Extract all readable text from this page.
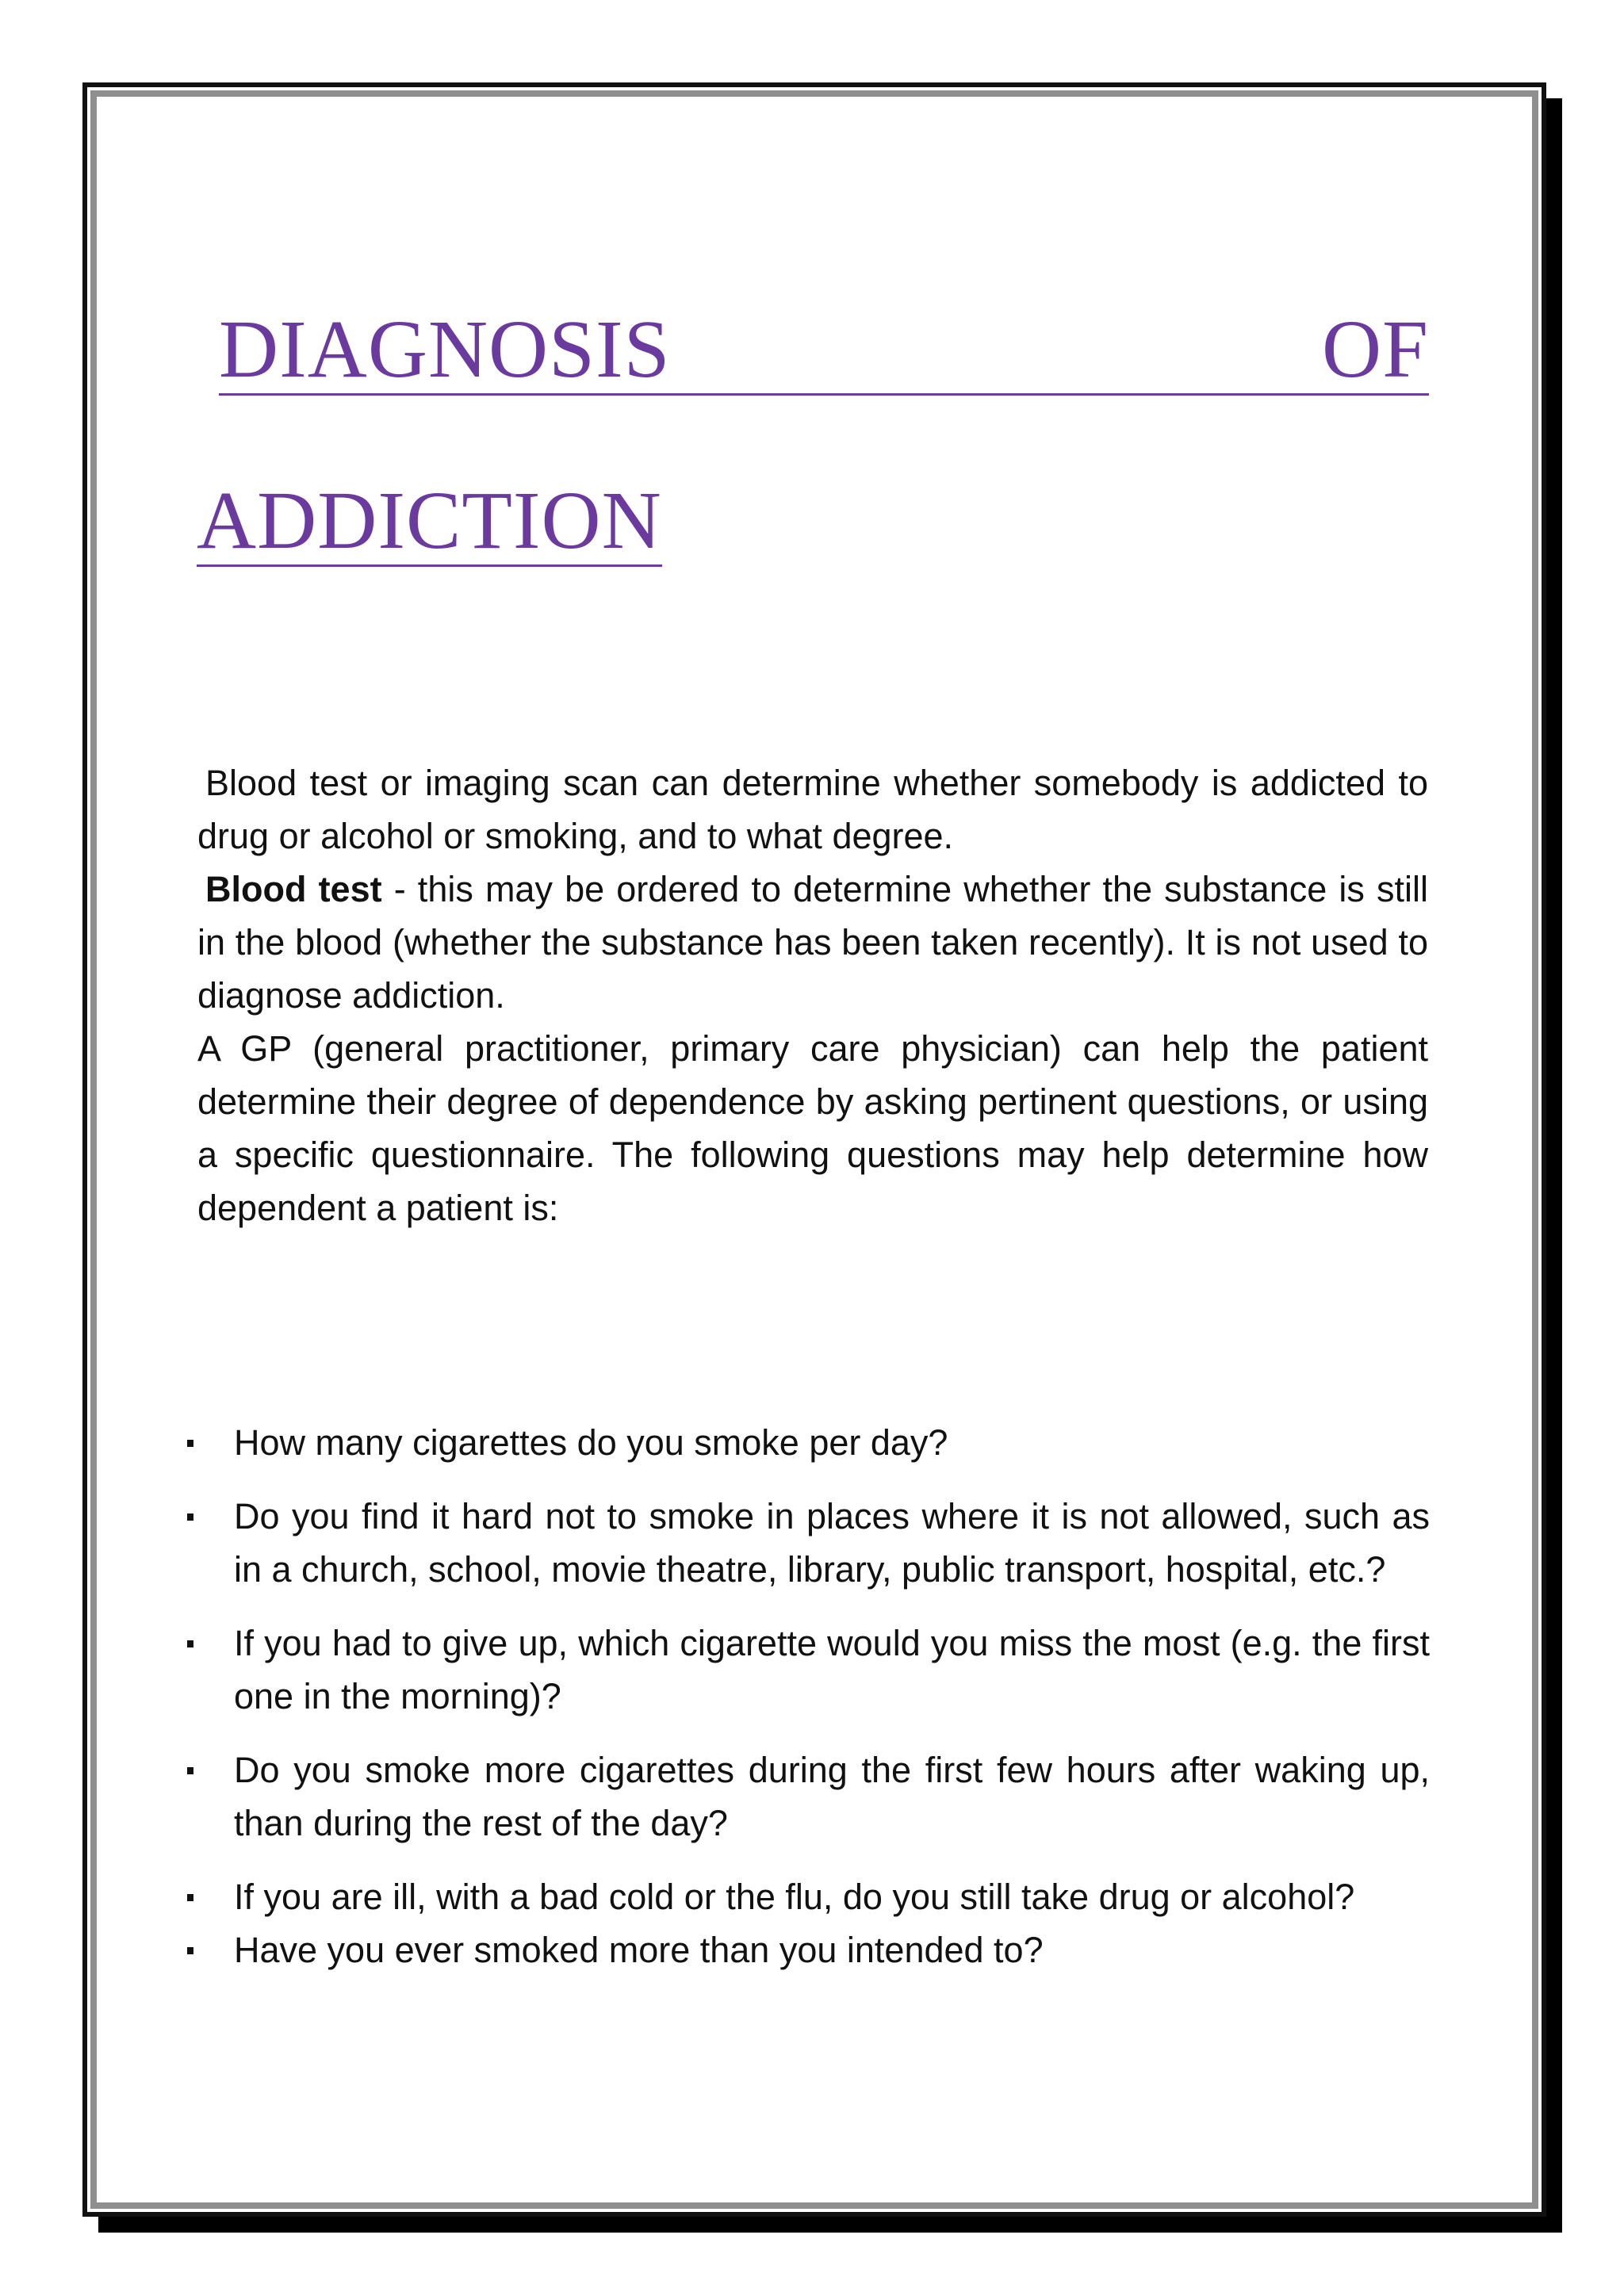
DIAGNOSIS	OF
ADDICTION

Blood test or imaging scan can determine whether somebody is addicted to drug or alcohol or smoking, and to what degree.

Blood test - this may be ordered to determine whether the substance is still in the blood (whether the substance has been taken recently). It is not used to diagnose addiction.

A GP (general practitioner, primary care physician) can help the patient determine their degree of dependence by asking pertinent questions, or using a specific questionnaire. The following questions may help determine how dependent a patient is:

How many cigarettes do you smoke per day?
Do you find it hard not to smoke in places where it is not allowed, such as in a church, school, movie theatre, library, public transport, hospital, etc.?
If you had to give up, which cigarette would you miss the most (e.g. the first one in the morning)?
Do you smoke more cigarettes during the first few hours after waking up, than during the rest of the day?
If you are ill, with a bad cold or the flu, do you still take drug or alcohol?
Have you ever smoked more than you intended to?
